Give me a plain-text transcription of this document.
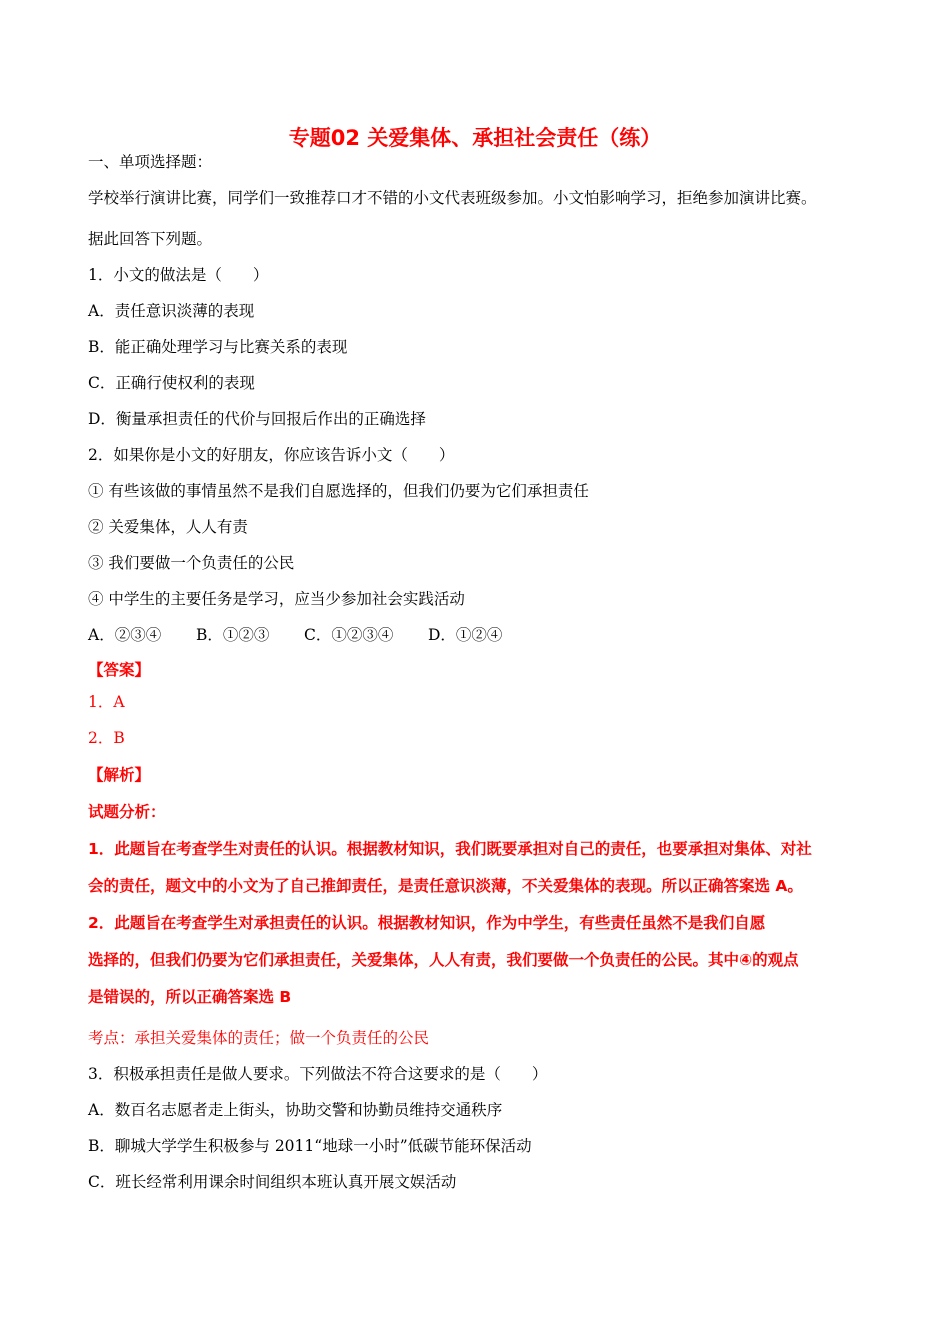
专题02 关爱集体、承担社会责任（练）
一、单项选择题：
学校举行演讲比赛，同学们一致推荐口才不错的小文代表班级参加。小文怕影响学习，拒绝参加演讲比赛。
据此回答下列题。
1．小文的做法是（　　）
A．责任意识淡薄的表现
B．能正确处理学习与比赛关系的表现
C．正确行使权利的表现
D．衡量承担责任的代价与回报后作出的正确选择
2．如果你是小文的好朋友，你应该告诉小文（　　）
① 有些该做的事情虽然不是我们自愿选择的，但我们仍要为它们承担责任
② 关爱集体，人人有责
③ 我们要做一个负责任的公民
④ 中学生的主要任务是学习，应当少参加社会实践活动
A．②③④ B．①②③ C．①②③④ D．①②④
【答案】
1．A
2．B
【解析】
试题分析：
1．此题旨在考查学生对责任的认识。根据教材知识，我们既要承担对自己的责任，也要承担对集体、对社
会的责任，题文中的小文为了自己推卸责任，是责任意识淡薄，不关爱集体的表现。所以正确答案选 A。
2．此题旨在考查学生对承担责任的认识。根据教材知识，作为中学生，有些责任虽然不是我们自愿
选择的，但我们仍要为它们承担责任，关爱集体，人人有责，我们要做一个负责任的公民。其中④的观点
是错误的，所以正确答案选 B
考点：承担关爱集体的责任；做一个负责任的公民
3．积极承担责任是做人要求。下列做法不符合这要求的是（　　）
A．数百名志愿者走上街头，协助交警和协勤员维持交通秩序
B．聊城大学学生积极参与 2011“地球一小时”低碳节能环保活动
C．班长经常利用课余时间组织本班认真开展文娱活动
